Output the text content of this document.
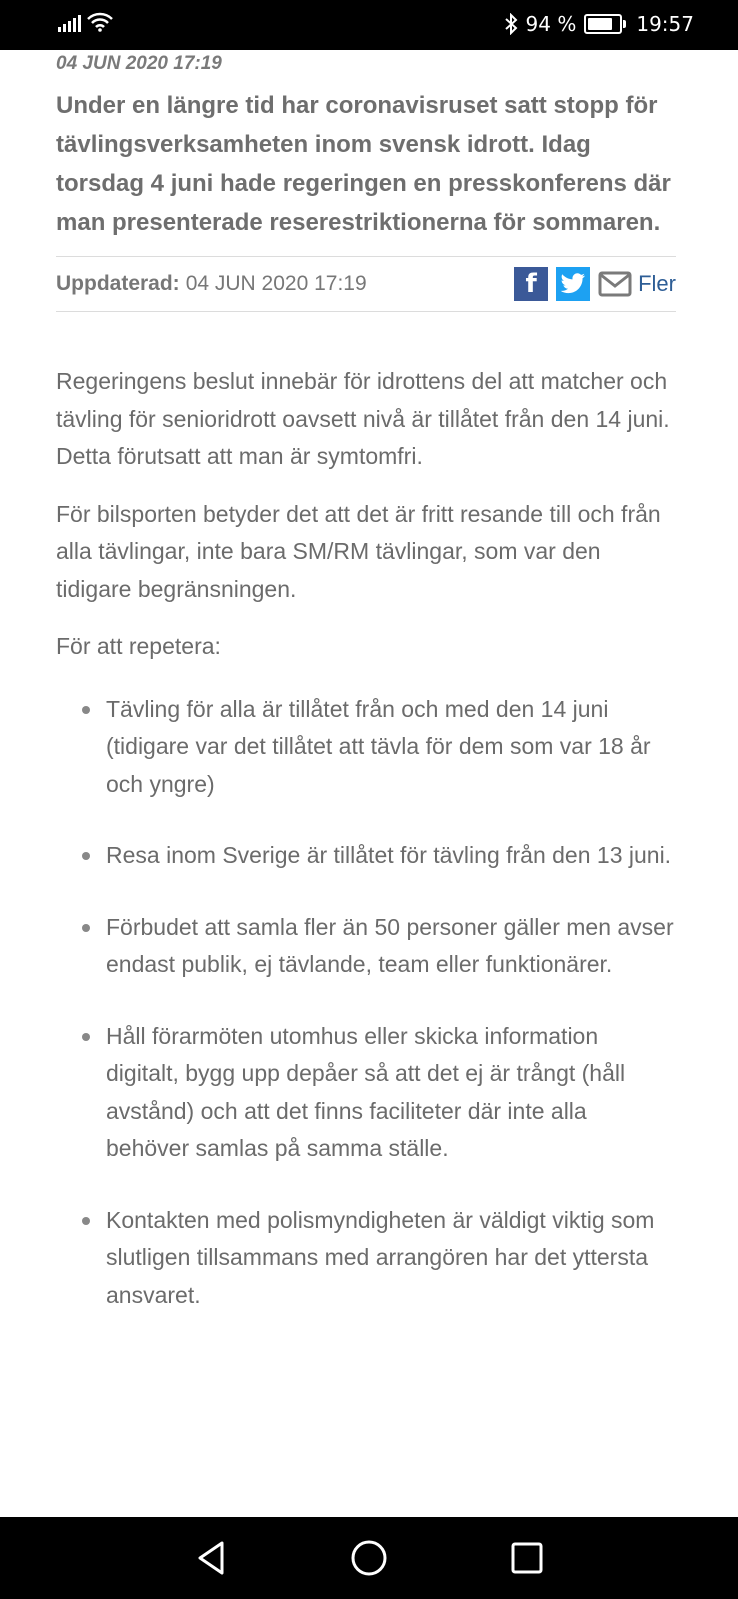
94 %	19:57
04 JUN 2020 17:19

Under en längre tid har coronavisruset satt stopp för tävlingsverksamheten inom svensk idrott. Idag torsdag 4 juni hade regeringen en presskonferens där man presenterade reserestriktionerna för sommaren.

Uppdaterad: 04 JUN 2020 17:19	f	Fler

Regeringens beslut innebär för idrottens del att matcher och tävling för senioridrott oavsett nivå är tillåtet från den 14 juni. Detta förutsatt att man är symtomfri.

För bilsporten betyder det att det är fritt resande till och från alla tävlingar, inte bara SM/RM tävlingar, som var den tidigare begränsningen.

För att repetera:

Tävling för alla är tillåtet från och med den 14 juni (tidigare var det tillåtet att tävla för dem som var 18 år och yngre)
Resa inom Sverige är tillåtet för tävling från den 13 juni.
Förbudet att samla fler än 50 personer gäller men avser endast publik, ej tävlande, team eller funktionärer.
Håll förarmöten utomhus eller skicka information digitalt, bygg upp depåer så att det ej är trångt (håll avstånd) och att det finns faciliteter där inte alla behöver samlas på samma ställe.
Kontakten med polismyndigheten är väldigt viktig som slutligen tillsammans med arrangören har det yttersta ansvaret.
